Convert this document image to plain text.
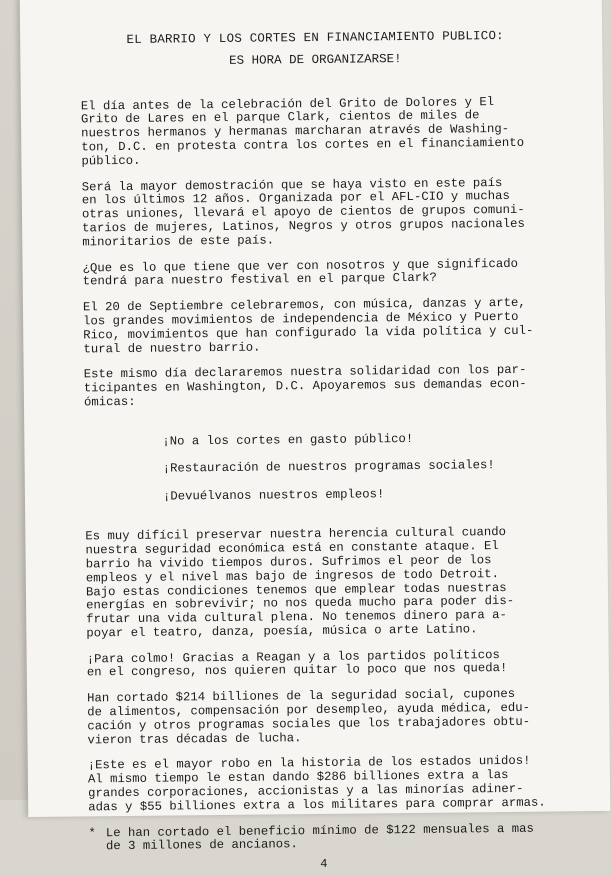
EL BARRIO Y LOS CORTES EN FINANCIAMIENTO PUBLICO:
ES HORA DE ORGANIZARSE!

El día antes de la celebración del Grito de Dolores y El
Grito de Lares en el parque Clark, cientos de miles de
nuestros hermanos y hermanas marcharan através de Washing-
ton, D.C. en protesta contra los cortes en el financiamiento
público.

Será la mayor demostración que se haya visto en este país
en los últimos 12 años. Organizada por el AFL-CIO y muchas
otras uniones, llevará el apoyo de cientos de grupos comuni-
tarios de mujeres, Latinos, Negros y otros grupos nacionales
minoritarios de este país.

¿Que es lo que tiene que ver con nosotros y que significado
tendrá para nuestro festival en el parque Clark?

El 20 de Septiembre celebraremos, con música, danzas y arte,
los grandes movimientos de independencia de México y Puerto
Rico, movimientos que han configurado la vida política y cul-
tural de nuestro barrio.

Este mismo día declararemos nuestra solidaridad con los par-
ticipantes en Washington, D.C. Apoyaremos sus demandas econ-
ómicas:

¡No a los cortes en gasto público!

¡Restauración de nuestros programas sociales!

¡Devuélvanos nuestros empleos!

Es muy difícil preservar nuestra herencia cultural cuando
nuestra seguridad económica está en constante ataque. El
barrio ha vivido tiempos duros. Sufrimos el peor de los
empleos y el nivel mas bajo de ingresos de todo Detroit.
Bajo estas condiciones tenemos que emplear todas nuestras
energías en sobrevivir; no nos queda mucho para poder dis-
frutar una vida cultural plena. No tenemos dinero para a-
poyar el teatro, danza, poesía, música o arte Latino.

¡Para colmo! Gracias a Reagan y a los partidos políticos
en el congreso, nos quieren quitar lo poco que nos queda!

Han cortado $214 billiones de la seguridad social, cupones
de alimentos, compensación por desempleo, ayuda médica, edu-
cación y otros programas sociales que los trabajadores obtu-
vieron tras décadas de lucha.

¡Este es el mayor robo en la historia de los estados unidos!
Al mismo tiempo le estan dando $286 billiones extra a las
grandes corporaciones, accionistas y a las minorías adiner-
adas y $55 billiones extra a los militares para comprar armas.

* Le han cortado el beneficio mínimo de $122 mensuales a mas
de 3 millones de ancianos.
4
